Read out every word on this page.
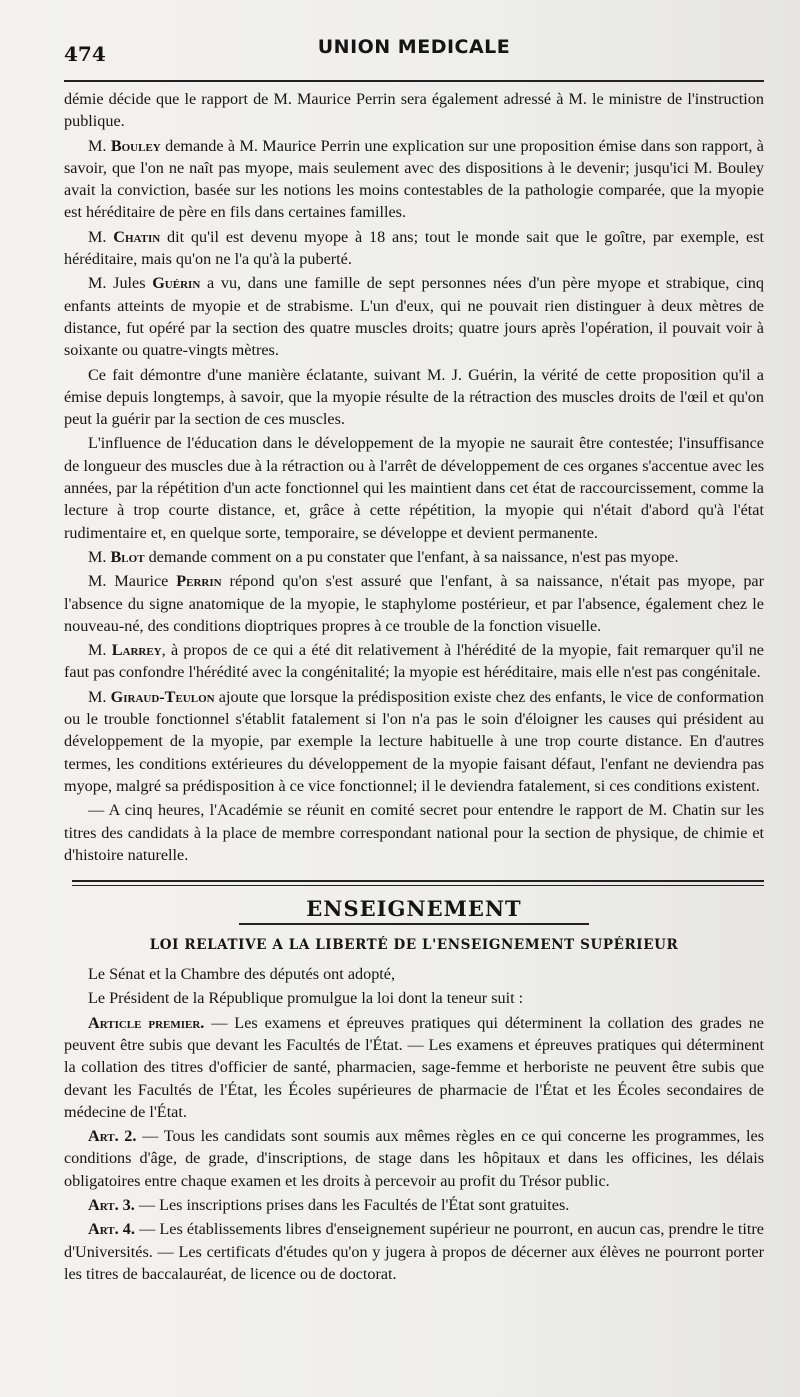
474	UNION MEDICALE

démie décide que le rapport de M. Maurice Perrin sera également adressé à M. le ministre de l'instruction publique.

M. Bouley demande à M. Maurice Perrin une explication sur une proposition émise dans son rapport, à savoir, que l'on ne naît pas myope, mais seulement avec des dispositions à le devenir; jusqu'ici M. Bouley avait la conviction, basée sur les notions les moins contestables de la pathologie comparée, que la myopie est héréditaire de père en fils dans certaines familles.

M. Chatin dit qu'il est devenu myope à 18 ans; tout le monde sait que le goître, par exemple, est héréditaire, mais qu'on ne l'a qu'à la puberté.

M. Jules Guérin a vu, dans une famille de sept personnes nées d'un père myope et strabique, cinq enfants atteints de myopie et de strabisme. L'un d'eux, qui ne pouvait rien distinguer à deux mètres de distance, fut opéré par la section des quatre muscles droits; quatre jours après l'opération, il pouvait voir à soixante ou quatre-vingts mètres.

Ce fait démontre d'une manière éclatante, suivant M. J. Guérin, la vérité de cette proposition qu'il a émise depuis longtemps, à savoir, que la myopie résulte de la rétraction des muscles droits de l'œil et qu'on peut la guérir par la section de ces muscles.

L'influence de l'éducation dans le développement de la myopie ne saurait être contestée; l'insuffisance de longueur des muscles due à la rétraction ou à l'arrêt de développement de ces organes s'accentue avec les années, par la répétition d'un acte fonctionnel qui les maintient dans cet état de raccourcissement, comme la lecture à trop courte distance, et, grâce à cette répétition, la myopie qui n'était d'abord qu'à l'état rudimentaire et, en quelque sorte, temporaire, se développe et devient permanente.

M. Blot demande comment on a pu constater que l'enfant, à sa naissance, n'est pas myope.

M. Maurice Perrin répond qu'on s'est assuré que l'enfant, à sa naissance, n'était pas myope, par l'absence du signe anatomique de la myopie, le staphylome postérieur, et par l'absence, également chez le nouveau-né, des conditions dioptriques propres à ce trouble de la fonction visuelle.

M. Larrey, à propos de ce qui a été dit relativement à l'hérédité de la myopie, fait remarquer qu'il ne faut pas confondre l'hérédité avec la congénitalité; la myopie est héréditaire, mais elle n'est pas congénitale.

M. Giraud-Teulon ajoute que lorsque la prédisposition existe chez des enfants, le vice de conformation ou le trouble fonctionnel s'établit fatalement si l'on n'a pas le soin d'éloigner les causes qui président au développement de la myopie, par exemple la lecture habituelle à une trop courte distance. En d'autres termes, les conditions extérieures du développement de la myopie faisant défaut, l'enfant ne deviendra pas myope, malgré sa prédisposition à ce vice fonctionnel; il le deviendra fatalement, si ces conditions existent.

— A cinq heures, l'Académie se réunit en comité secret pour entendre le rapport de M. Chatin sur les titres des candidats à la place de membre correspondant national pour la section de physique, de chimie et d'histoire naturelle.

ENSEIGNEMENT
LOI RELATIVE A LA LIBERTÉ DE L'ENSEIGNEMENT SUPÉRIEUR

Le Sénat et la Chambre des députés ont adopté,

Le Président de la République promulgue la loi dont la teneur suit :

Article premier. — Les examens et épreuves pratiques qui déterminent la collation des grades ne peuvent être subis que devant les Facultés de l'État. — Les examens et épreuves pratiques qui déterminent la collation des titres d'officier de santé, pharmacien, sage-femme et herboriste ne peuvent être subis que devant les Facultés de l'État, les Écoles supérieures de pharmacie de l'État et les Écoles secondaires de médecine de l'État.

Art. 2. — Tous les candidats sont soumis aux mêmes règles en ce qui concerne les programmes, les conditions d'âge, de grade, d'inscriptions, de stage dans les hôpitaux et dans les officines, les délais obligatoires entre chaque examen et les droits à percevoir au profit du Trésor public.

Art. 3. — Les inscriptions prises dans les Facultés de l'État sont gratuites.

Art. 4. — Les établissements libres d'enseignement supérieur ne pourront, en aucun cas, prendre le titre d'Universités. — Les certificats d'études qu'on y jugera à propos de décerner aux élèves ne pourront porter les titres de baccalauréat, de licence ou de doctorat.
